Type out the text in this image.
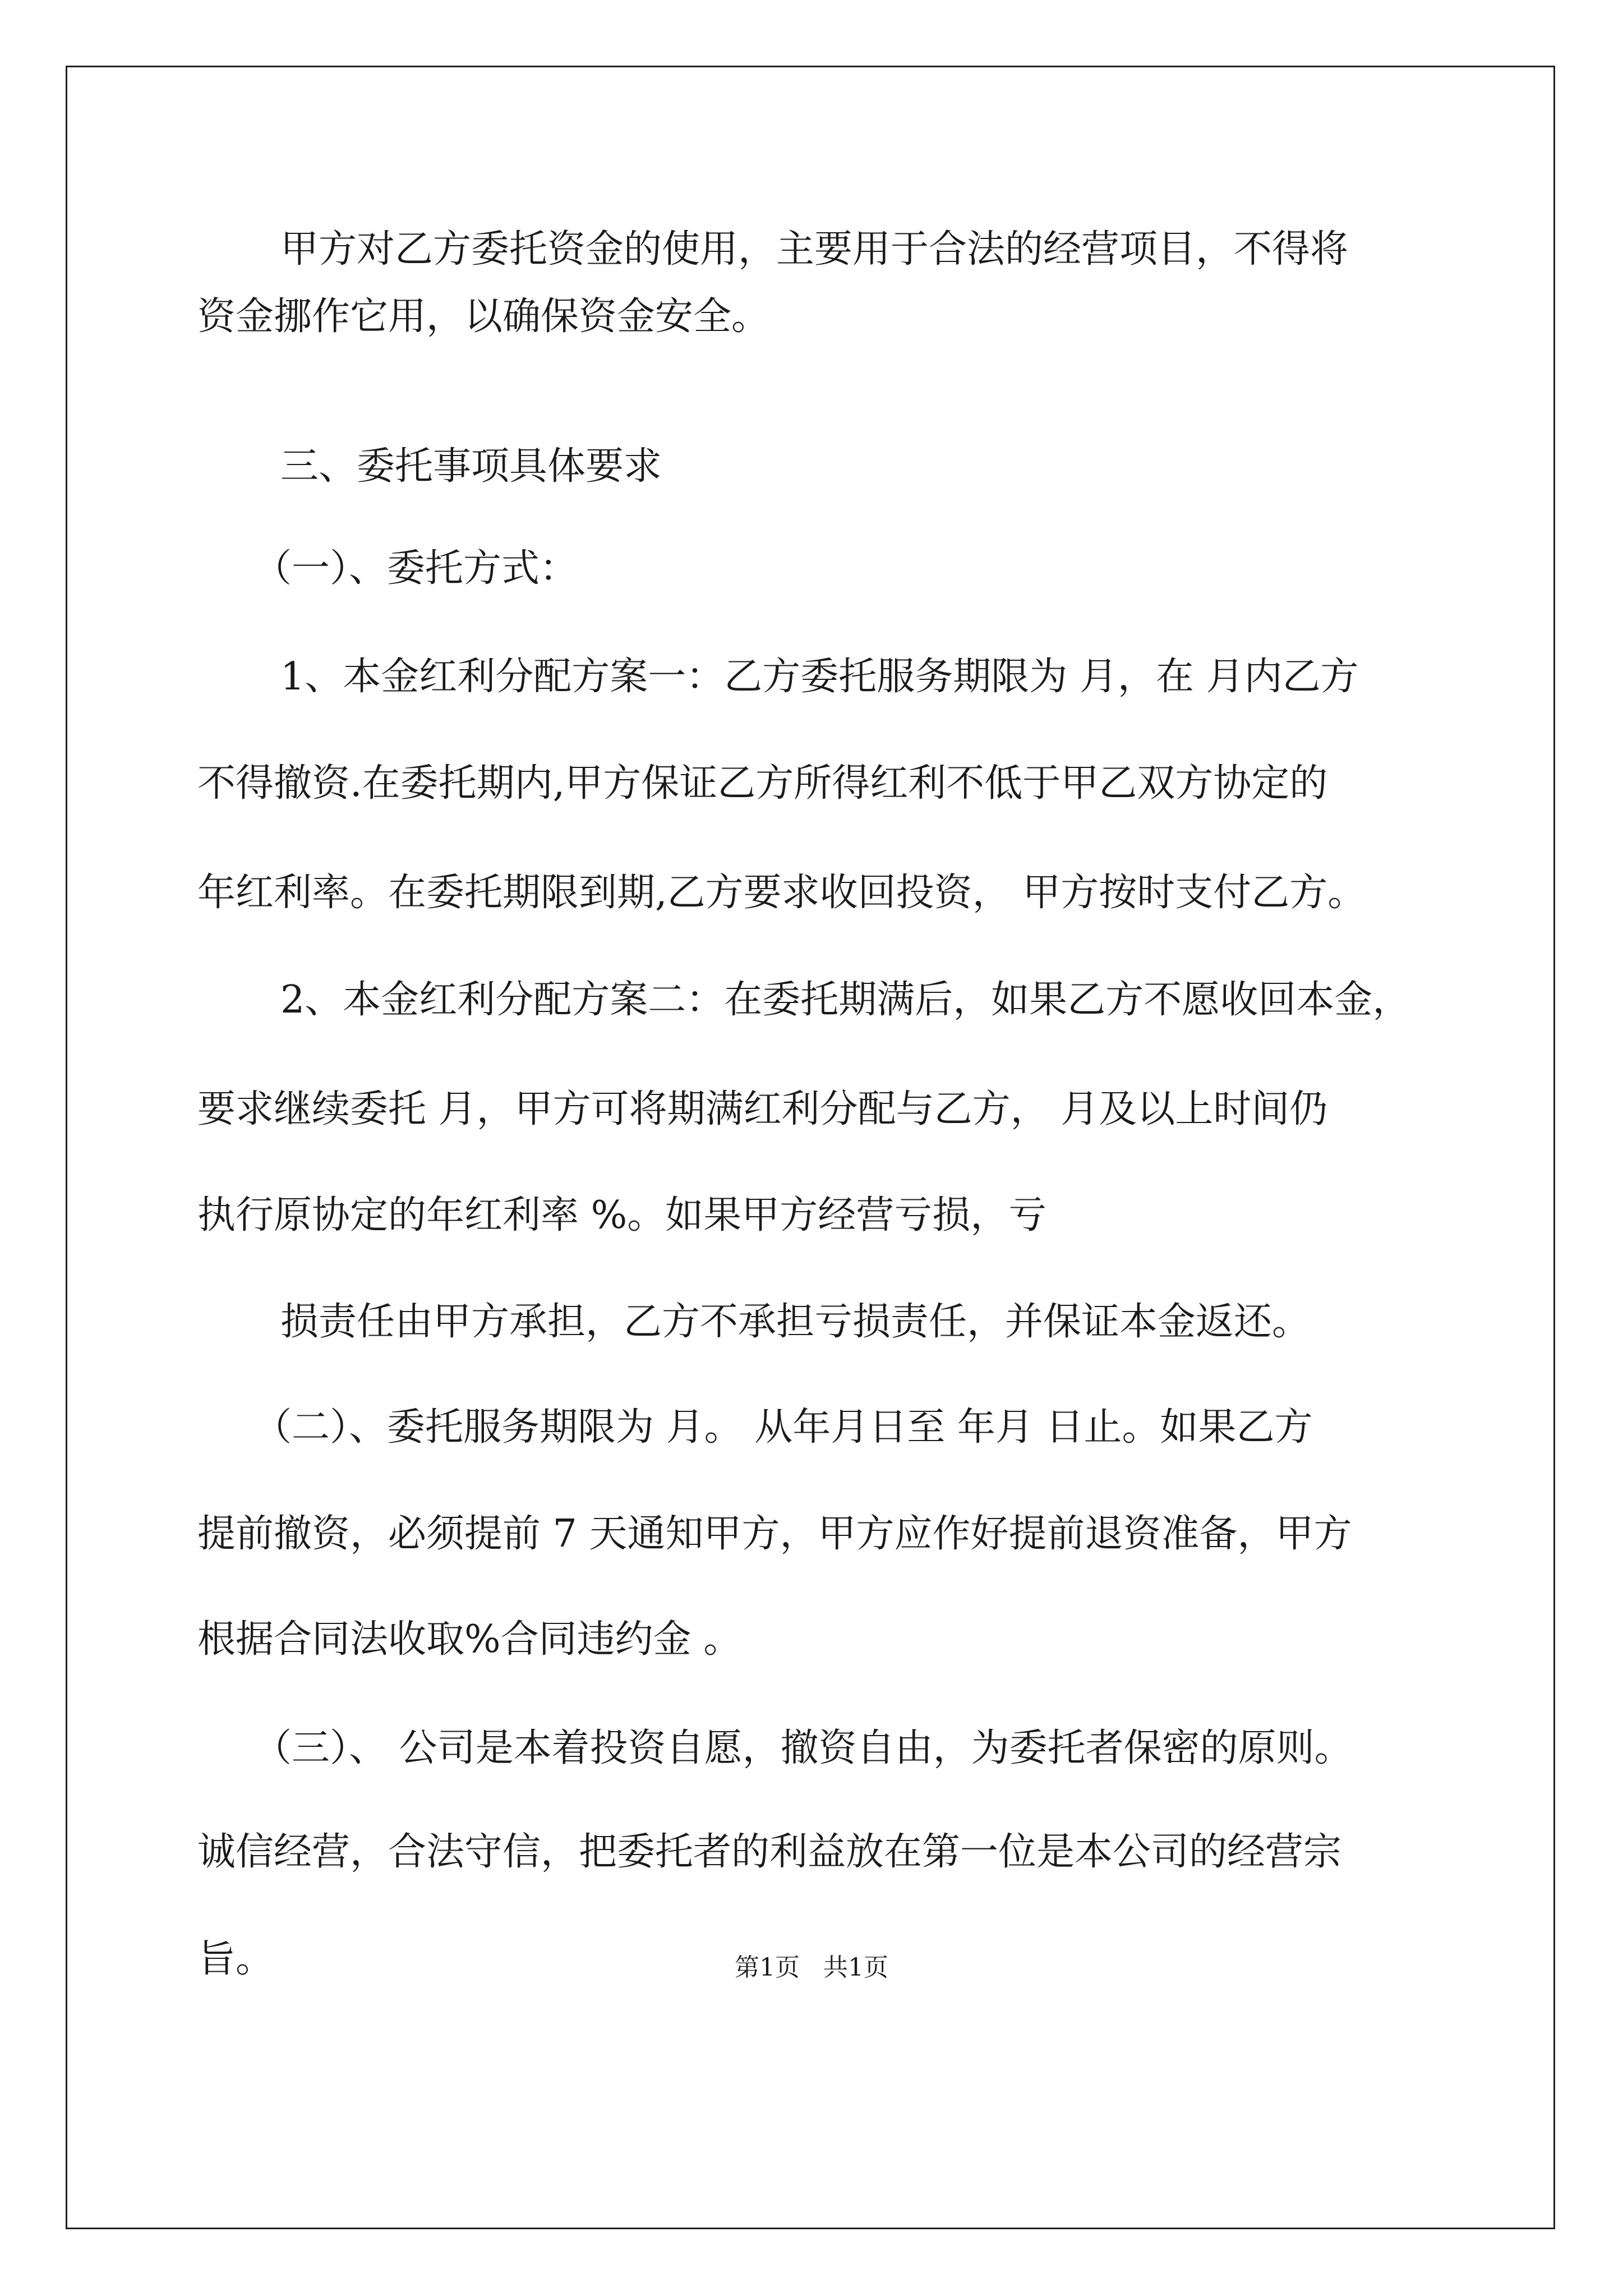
甲方对乙方委托资金的使用，主要用于合法的经营项目，不得将
资金挪作它用，以确保资金安全。
三、委托事项具体要求
（一）、委托方式：
1、本金红利分配方案一：乙方委托服务期限为 月，在 月内乙方
不得撤资.在委托期内,甲方保证乙方所得红利不低于甲乙双方协定的
年红利率。在委托期限到期,乙方要求收回投资， 甲方按时支付乙方。
2、本金红利分配方案二：在委托期满后，如果乙方不愿收回本金，
要求继续委托 月，甲方可将期满红利分配与乙方， 月及以上时间仍
执行原协定的年红利率 %。如果甲方经营亏损，亏
损责任由甲方承担，乙方不承担亏损责任，并保证本金返还。
（二）、委托服务期限为 月。 从年月日至 年月 日止。如果乙方
提前撤资，必须提前 7 天通知甲方，甲方应作好提前退资准备，甲方
根据合同法收取%合同违约金 。
（三）、 公司是本着投资自愿，撤资自由，为委托者保密的原则。
诚信经营，合法守信，把委托者的利益放在第一位是本公司的经营宗
旨。	第1页   共1页
